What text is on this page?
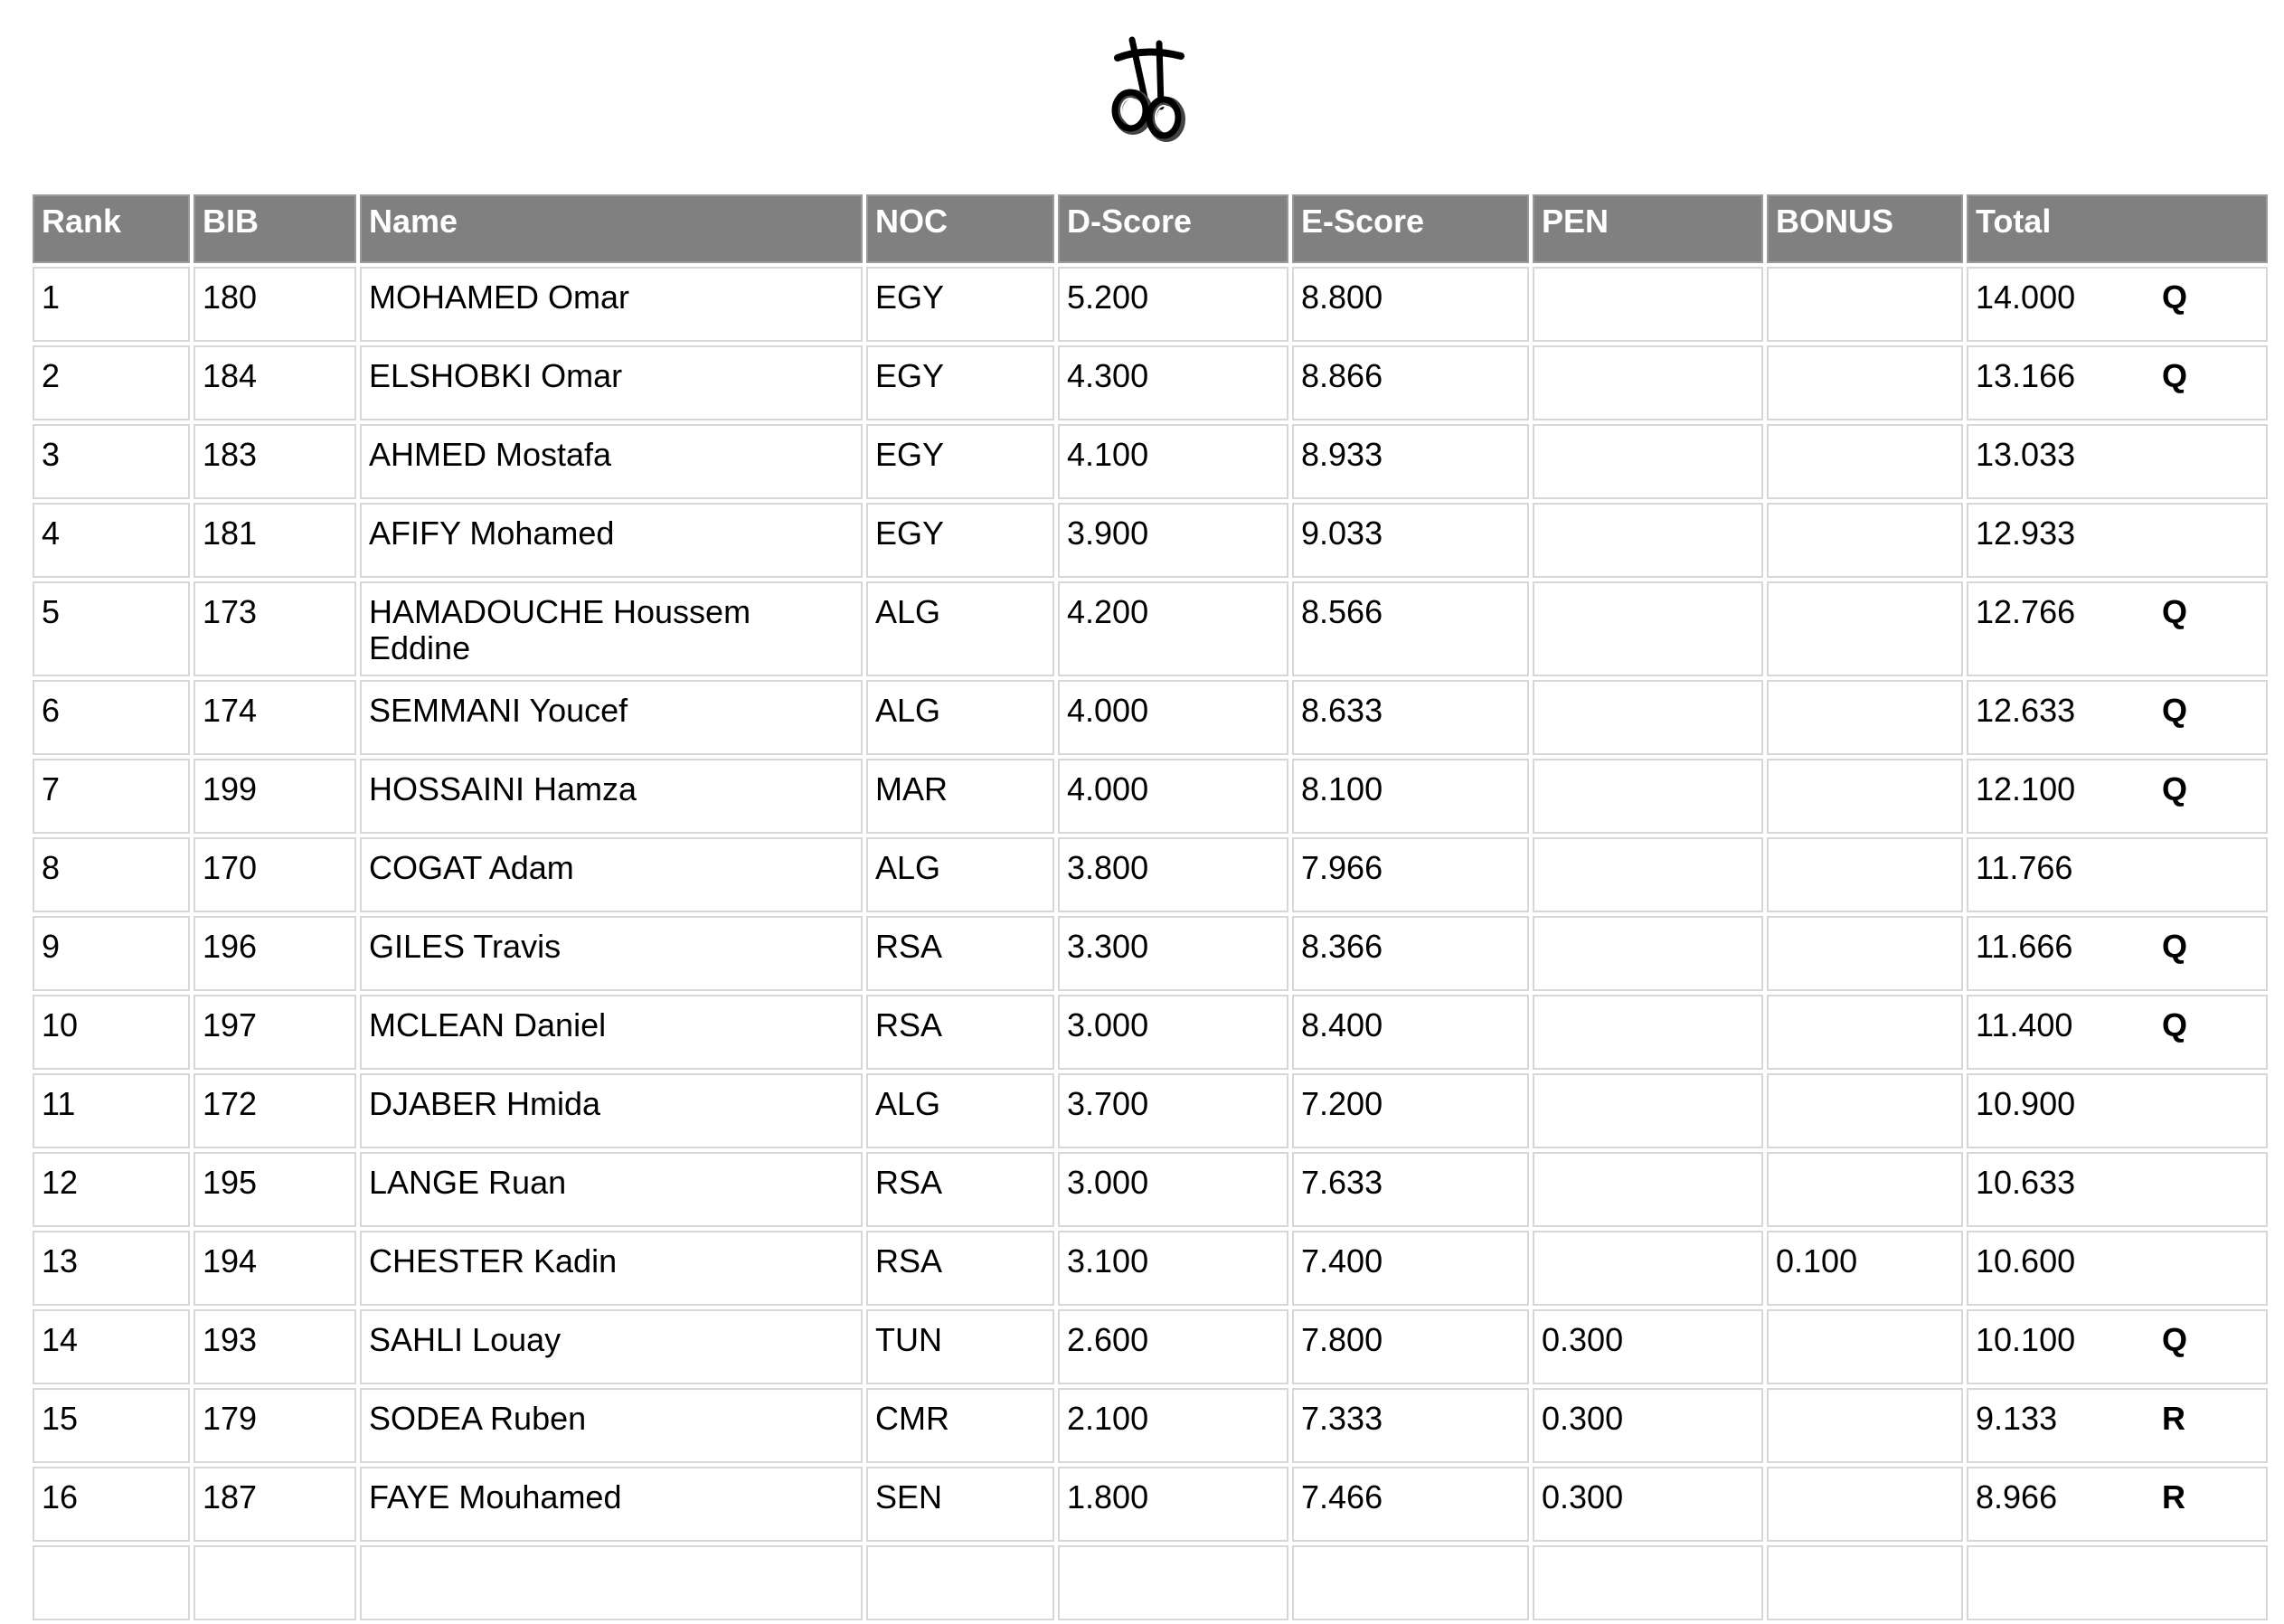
Rank	BIB	Name	NOC	D-Score	E-Score	PEN	BONUS	Total
1	180	MOHAMED Omar	EGY	5.200	8.800			14.000 Q

2	184	ELSHOBKI Omar	EGY	4.300	8.866			13.166 Q

3	183	AHMED Mostafa	EGY	4.100	8.933			13.033

4	181	AFIFY Mohamed	EGY	3.900	9.033			12.933

5	173	HAMADOUCHE Houssem Eddine	ALG	4.200	8.566			12.766 Q

6	174	SEMMANI Youcef	ALG	4.000	8.633			12.633 Q

7	199	HOSSAINI Hamza	MAR	4.000	8.100			12.100 Q

8	170	COGAT Adam	ALG	3.800	7.966			11.766

9	196	GILES Travis	RSA	3.300	8.366			11.666 Q

10	197	MCLEAN Daniel	RSA	3.000	8.400			11.400 Q

11	172	DJABER Hmida	ALG	3.700	7.200			10.900

12	195	LANGE Ruan	RSA	3.000	7.633			10.633

13	194	CHESTER Kadin	RSA	3.100	7.400		0.100	10.600

14	193	SAHLI Louay	TUN	2.600	7.800	0.300		10.100 Q

15	179	SODEA Ruben	CMR	2.100	7.333	0.300		9.133 R

16	187	FAYE Mouhamed	SEN	1.800	7.466	0.300		8.966 R
